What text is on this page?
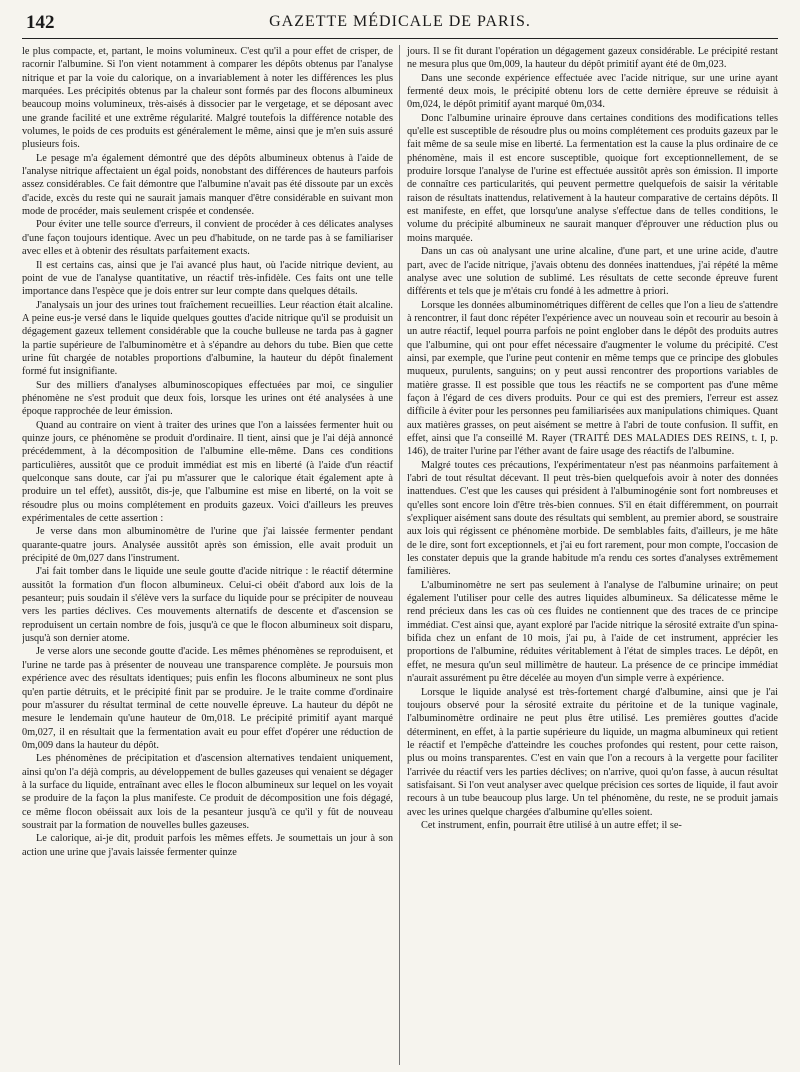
142	GAZETTE MÉDICALE DE PARIS.

le plus compacte, et, partant, le moins volumineux. C'est qu'il a pour effet de crisper, de racornir l'albumine. Si l'on vient notamment à comparer les dépôts obtenus par l'analyse nitrique et par la voie du calorique, on a invariablement à noter les différences les plus marquées. Les précipités obtenus par la chaleur sont formés par des flocons albumineux beaucoup moins volumineux, très-aisés à dissocier par le vergetage, et se déposant avec une grande facilité et une extrême régularité. Malgré toutefois la différence notable des volumes, le poids de ces produits est généralement le même, ainsi que je m'en suis assuré plusieurs fois.

Le pesage m'a également démontré que des dépôts albumineux obtenus à l'aide de l'analyse nitrique affectaient un égal poids, nonobstant des différences de hauteurs parfois assez considérables. Ce fait démontre que l'albumine n'avait pas été dissoute par un excès d'acide, excès du reste qui ne saurait jamais manquer d'être considérable en suivant mon mode de procéder, mais seulement crispée et condensée.

Pour éviter une telle source d'erreurs, il convient de procéder à ces délicates analyses d'une façon toujours identique. Avec un peu d'habitude, on ne tarde pas à se familiariser avec elles et à obtenir des résultats parfaitement exacts.

Il est certains cas, ainsi que je l'ai avancé plus haut, où l'acide nitrique devient, au point de vue de l'analyse quantitative, un réactif très-infidèle. Ces faits ont une telle importance dans l'espèce que je dois entrer sur leur compte dans quelques détails.

J'analysais un jour des urines tout fraîchement recueillies. Leur réaction était alcaline. A peine eus-je versé dans le liquide quelques gouttes d'acide nitrique qu'il se produisit un dégagement gazeux tellement considérable que la couche bulleuse ne tarda pas à gagner la partie supérieure de l'albuminomètre et à s'épandre au dehors du tube. Bien que cette urine fût chargée de notables proportions d'albumine, la hauteur du dépôt finalement formé fut insignifiante.

Sur des milliers d'analyses albuminoscopiques effectuées par moi, ce singulier phénomène ne s'est produit que deux fois, lorsque les urines ont été analysées à une époque rapprochée de leur émission.

Quand au contraire on vient à traiter des urines que l'on a laissées fermenter huit ou quinze jours, ce phénomène se produit d'ordinaire. Il tient, ainsi que je l'ai déjà annoncé précédemment, à la décomposition de l'albumine elle-même. Dans ces conditions particulières, aussitôt que ce produit immédiat est mis en liberté (à l'aide d'un réactif quelconque sans doute, car j'ai pu m'assurer que le calorique était également apte à produire un tel effet), aussitôt, dis-je, que l'albumine est mise en liberté, on la voit se résoudre plus ou moins complétement en produits gazeux. Voici d'ailleurs les preuves expérimentales de cette assertion :

Je verse dans mon albuminomètre de l'urine que j'ai laissée fermenter pendant quarante-quatre jours. Analysée aussitôt après son émission, elle avait produit un précipité de 0m,027 dans l'instrument.

J'ai fait tomber dans le liquide une seule goutte d'acide nitrique : le réactif détermine aussitôt la formation d'un flocon albumineux. Celui-ci obéit d'abord aux lois de la pesanteur; puis soudain il s'élève vers la surface du liquide pour se précipiter de nouveau vers les parties déclives. Ces mouvements alternatifs de descente et d'ascension se reproduisent un certain nombre de fois, jusqu'à ce que le flocon albumineux soit disparu, jusqu'à son dernier atome.

Je verse alors une seconde goutte d'acide. Les mêmes phénomènes se reproduisent, et l'urine ne tarde pas à présenter de nouveau une transparence complète. Je poursuis mon expérience avec des résultats identiques; puis enfin les flocons albumineux ne sont plus qu'en partie détruits, et le précipité finit par se produire. Je le traite comme d'ordinaire pour m'assurer du résultat terminal de cette nouvelle épreuve. La hauteur du dépôt ne mesure le lendemain qu'une hauteur de 0m,018. Le précipité primitif ayant marqué 0m,027, il en résultait que la fermentation avait eu pour effet d'opérer une réduction de 0m,009 dans la hauteur du dépôt.

Les phénomènes de précipitation et d'ascension alternatives tendaient uniquement, ainsi qu'on l'a déjà compris, au développement de bulles gazeuses qui venaient se dégager à la surface du liquide, entraînant avec elles le flocon albumineux sur lequel on les voyait se produire de la façon la plus manifeste. Ce produit de décomposition une fois dégagé, ce même flocon obéissait aux lois de la pesanteur jusqu'à ce qu'il y fût de nouveau soustrait par la formation de nouvelles bulles gazeuses.

Le calorique, ai-je dit, produit parfois les mêmes effets. Je soumettais un jour à son action une urine que j'avais laissée fermenter quinze

jours. Il se fit durant l'opération un dégagement gazeux considérable. Le précipité restant ne mesura plus que 0m,009, la hauteur du dépôt primitif ayant été de 0m,023.

Dans une seconde expérience effectuée avec l'acide nitrique, sur une urine ayant fermenté deux mois, le précipité obtenu lors de cette dernière épreuve se réduisit à 0m,024, le dépôt primitif ayant marqué 0m,034.

Donc l'albumine urinaire éprouve dans certaines conditions des modifications telles qu'elle est susceptible de résoudre plus ou moins complétement ces produits gazeux par le fait même de sa seule mise en liberté. La fermentation est la cause la plus ordinaire de ce phénomène, mais il est encore susceptible, quoique fort exceptionnellement, de se produire lorsque l'analyse de l'urine est effectuée aussitôt après son émission. Il importe de connaître ces particularités, qui peuvent permettre quelquefois de saisir la véritable raison de résultats inattendus, relativement à la hauteur comparative de certains dépôts. Il est manifeste, en effet, que lorsqu'une analyse s'effectue dans de telles conditions, le volume du précipité albumineux ne saurait manquer d'éprouver une réduction plus ou moins marquée.

Dans un cas où analysant une urine alcaline, d'une part, et une urine acide, d'autre part, avec de l'acide nitrique, j'avais obtenu des données inattendues, j'ai répété la même analyse avec une solution de sublimé. Les résultats de cette seconde épreuve furent différents et tels que je m'étais cru fondé à les admettre à priori.

Lorsque les données albuminométriques diffèrent de celles que l'on a lieu de s'attendre à rencontrer, il faut donc répéter l'expérience avec un nouveau soin et recourir au besoin à un autre réactif, lequel pourra parfois ne point englober dans le dépôt des produits autres que l'albumine, qui ont pour effet nécessaire d'augmenter le volume du précipité. C'est ainsi, par exemple, que l'urine peut contenir en même temps que ce principe des globules muqueux, purulents, sanguins; on y peut aussi rencontrer des proportions variables de matière grasse. Il est possible que tous les réactifs ne se comportent pas d'une même façon à l'égard de ces divers produits. Pour ce qui est des premiers, l'erreur est assez difficile à éviter pour les personnes peu familiarisées aux manipulations chimiques. Quant aux matières grasses, on peut aisément se mettre à l'abri de toute confusion. Il suffit, en effet, ainsi que l'a conseillé M. Rayer (TRAITÉ DES MALADIES DES REINS, t. I, p. 146), de traiter l'urine par l'éther avant de faire usage des réactifs de l'albumine.

Malgré toutes ces précautions, l'expérimentateur n'est pas néanmoins parfaitement à l'abri de tout résultat décevant. Il peut très-bien quelquefois avoir à noter des données inattendues. C'est que les causes qui président à l'albuminogénie sont fort nombreuses et qu'elles sont encore loin d'être très-bien connues. S'il en était différemment, on pourrait s'expliquer aisément sans doute des résultats qui semblent, au premier abord, se soustraire aux lois qui régissent ce phénomène morbide. De semblables faits, d'ailleurs, je me hâte de le dire, sont fort exceptionnels, et j'ai eu fort rarement, pour mon compte, l'occasion de les constater depuis que la grande habitude m'a rendu ces sortes d'analyses extrêmement familières.

L'albuminomètre ne sert pas seulement à l'analyse de l'albumine urinaire; on peut également l'utiliser pour celle des autres liquides albumineux. Sa délicatesse même le rend précieux dans les cas où ces fluides ne contiennent que des traces de ce principe immédiat. C'est ainsi que, ayant exploré par l'acide nitrique la sérosité extraite d'un spina-bifida chez un enfant de 10 mois, j'ai pu, à l'aide de cet instrument, apprécier les proportions de l'albumine, réduites véritablement à l'état de simples traces. Le dépôt, en effet, ne mesura qu'un seul millimètre de hauteur. La présence de ce principe immédiat n'aurait assurément pu être décelée au moyen d'un simple verre à expérience.

Lorsque le liquide analysé est très-fortement chargé d'albumine, ainsi que je l'ai toujours observé pour la sérosité extraite du péritoine et de la tunique vaginale, l'albuminomètre ordinaire ne peut plus être utilisé. Les premières gouttes d'acide déterminent, en effet, à la partie supérieure du liquide, un magma albumineux qui retient le réactif et l'empêche d'atteindre les couches profondes qui restent, pour cette raison, plus ou moins transparentes. C'est en vain que l'on a recours à la vergette pour faciliter l'arrivée du réactif vers les parties déclives; on n'arrive, quoi qu'on fasse, à aucun résultat satisfaisant. Si l'on veut analyser avec quelque précision ces sortes de liquide, il faut avoir recours à un tube beaucoup plus large. Un tel phénomène, du reste, ne se produit jamais avec les urines quelque chargées d'albumine qu'elles soient.

Cet instrument, enfin, pourrait être utilisé à un autre effet; il se-
